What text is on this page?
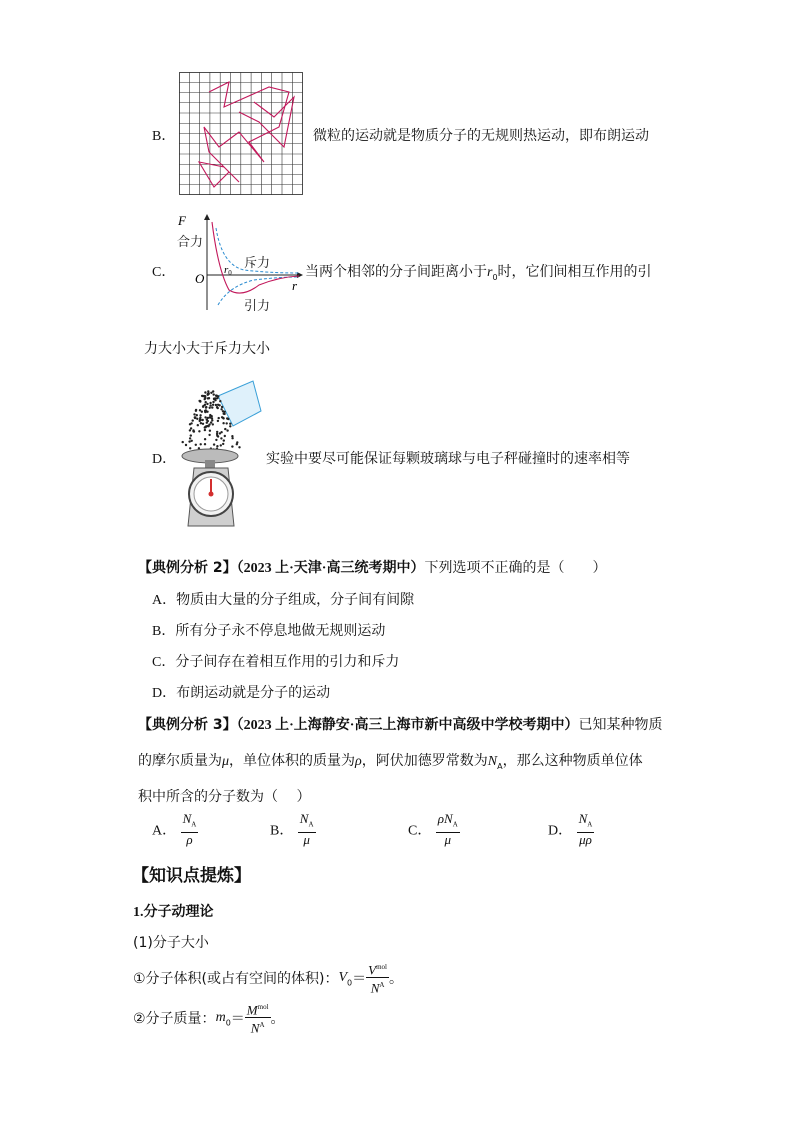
B．	微粒的运动就是物质分子的无规则热运动，即布朗运动
C．
F
合力
斥力
引力
O	r
r0	当两个相邻的分子间距离小于$r_0$时，它们间相互作用的引
力大小大于斥力大小
D．	实验中要尽可能保证每颗玻璃球与电子秤碰撞时的速率相等
【典例分析 2】（2023 上·天津·高三统考期中）下列选项不正确的是（　　）
A．物质由大量的分子组成，分子间有间隙
B．所有分子永不停息地做无规则运动
C．分子间存在着相互作用的引力和斥力
D．布朗运动就是分子的运动
【典例分析 3】（2023 上·上海静安·高三上海市新中高级中学校考期中）已知某种物质
的摩尔质量为μ，单位体积的质量为ρ，阿伏加德罗常数为$N_A$，那么这种物质单位体
积中所含的分子数为（　 ）
A． $\frac{N_A}{\rho}$	B． $\frac{N_A}{\mu}$	C． $\frac{\rho N_A}{\mu}$	D． $\frac{N_A}{\mu\rho}$
【知识点提炼】
1.分子动理论
(1)分子大小
①分子体积(或占有空间的体积)：$V_0= \frac{V^{mol}}{N^A}$ 。
②分子质量：$m_0= \frac{M^{mol}}{N^A}$ 。
